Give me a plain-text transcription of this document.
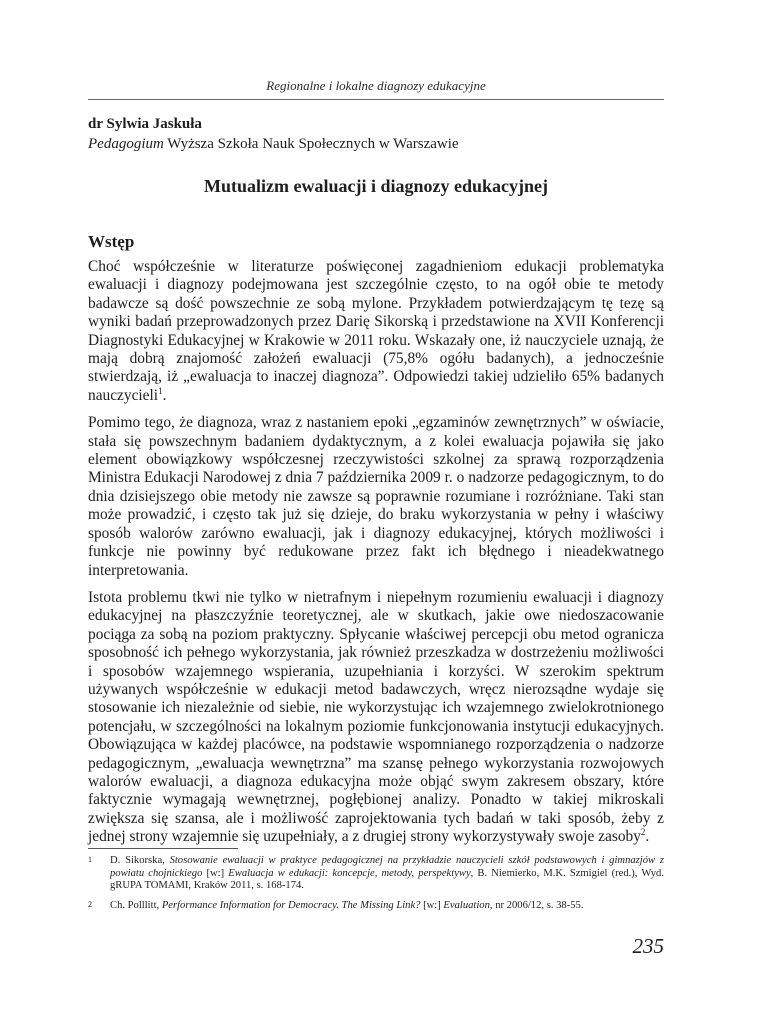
Regionalne i lokalne diagnozy edukacyjne
dr Sylwia Jaskuła
Pedagogium Wyższa Szkoła Nauk Społecznych w Warszawie
Mutualizm ewaluacji i diagnozy edukacyjnej
Wstęp

Choć współcześnie w literaturze poświęconej zagadnieniom edukacji problematyka ewaluacji i diagnozy podejmowana jest szczególnie często, to na ogół obie te metody badawcze są dość powszechnie ze sobą mylone. Przykładem potwierdzającym tę tezę są wyniki badań przeprowadzonych przez Darię Sikorską i przedstawione na XVII Konferencji Diagnostyki Edukacyjnej w Krakowie w 2011 roku. Wskazały one, iż nauczyciele uznają, że mają dobrą znajomość założeń ewaluacji (75,8% ogółu badanych), a jednocześnie stwierdzają, iż „ewaluacja to inaczej diagnoza”. Odpowiedzi takiej udzieliło 65% badanych nauczycieli$^1$.

Pomimo tego, że diagnoza, wraz z nastaniem epoki „egzaminów zewnętrznych” w oświacie, stała się powszechnym badaniem dydaktycznym, a z kolei ewaluacja pojawiła się jako element obowiązkowy współczesnej rzeczywistości szkolnej za sprawą rozporządzenia Ministra Edukacji Narodowej z dnia 7 października 2009 r. o nadzorze pedagogicznym, to do dnia dzisiejszego obie metody nie zawsze są poprawnie rozumiane i rozróżniane. Taki stan może prowadzić, i często tak już się dzieje, do braku wykorzystania w pełny i właściwy sposób walorów zarówno ewaluacji, jak i diagnozy edukacyjnej, których możliwości i funkcje nie powinny być redukowane przez fakt ich błędnego i nieadekwatnego interpretowania.

Istota problemu tkwi nie tylko w nietrafnym i niepełnym rozumieniu ewaluacji i diagnozy edukacyjnej na płaszczyźnie teoretycznej, ale w skutkach, jakie owe niedoszacowanie pociąga za sobą na poziom praktyczny. Spłycanie właściwej percepcji obu metod ogranicza sposobność ich pełnego wykorzystania, jak również przeszkadza w dostrzeżeniu możliwości i sposobów wzajemnego wspierania, uzupełniania i korzyści. W szerokim spektrum używanych współcześnie w edukacji metod badawczych, wręcz nierozsądne wydaje się stosowanie ich niezależnie od siebie, nie wykorzystując ich wzajemnego zwielokrotnionego potencjału, w szczególności na lokalnym poziomie funkcjonowania instytucji edukacyjnych. Obowiązująca w każdej placówce, na podstawie wspomnianego rozporządzenia o nadzorze pedagogicznym, „ewaluacja wewnętrzna” ma szansę pełnego wykorzystania rozwojowych walorów ewaluacji, a diagnoza edukacyjna może objąć swym zakresem obszary, które faktycznie wymagają wewnętrznej, pogłębionej analizy. Ponadto w takiej mikroskali zwiększa się szansa, ale i możliwość zaprojektowania tych badań w taki sposób, żeby z jednej strony wzajemnie się uzupełniały, a z drugiej strony wykorzystywały swoje zasoby$^2$.

1 D. Sikorska, Stosowanie ewaluacji w praktyce pedagogicznej na przykładzie nauczycieli szkół podstawowych i gimnazjów z powiatu chojnickiego [w:] Ewaluacja w edukacji: koncepcje, metody, perspektywy, B. Niemierko, M.K. Szmigiel (red.), Wyd. gRUPA TOMAMI, Kraków 2011, s. 168-174.
2 Ch. Polllitt, Performance Information for Democracy. The Missing Link? [w:] Evaluation, nr 2006/12, s. 38-55.
235
